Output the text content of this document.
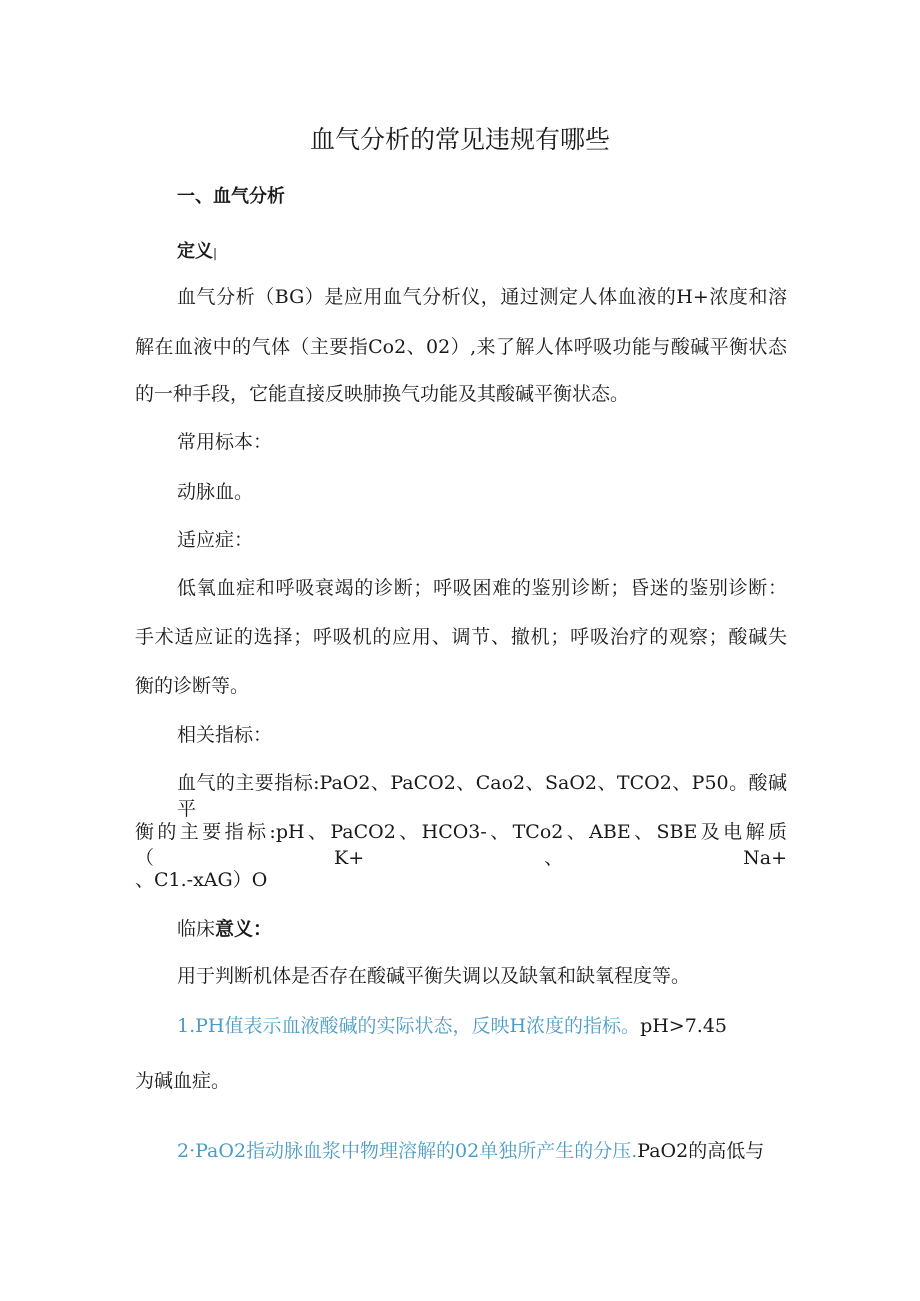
血气分析的常见违规有哪些

一、血气分析

定义|

血气分析（BG）是应用血气分析仪，通过测定人体血液的H+浓度和溶

解在血液中的气体（主要指Co2、02）,来了解人体呼吸功能与酸碱平衡状态

的一种手段，它能直接反映肺换气功能及其酸碱平衡状态。

常用标本：

动脉血。

适应症：

低氧血症和呼吸衰竭的诊断；呼吸困难的鉴别诊断；昏迷的鉴别诊断：

手术适应证的选择；呼吸机的应用、调节、撤机；呼吸治疗的观察；酸碱失

衡的诊断等。

相关指标：

血气的主要指标:PaO2、PaCO2、Cao2、SaO2、TCO2、P50。酸碱平

衡的主要指标:pH、PaCO2、HCO3-、TCo2、ABE、SBE及电解质（K+、Na+

、C1.-xAG）O

临床意义：

用于判断机体是否存在酸碱平衡失调以及缺氧和缺氧程度等。

1.PH值表示血液酸碱的实际状态，反映H浓度的指标。pH>7.45

为碱血症。

2·PaO2指动脉血浆中物理溶解的02单独所产生的分压.PaO2的高低与
